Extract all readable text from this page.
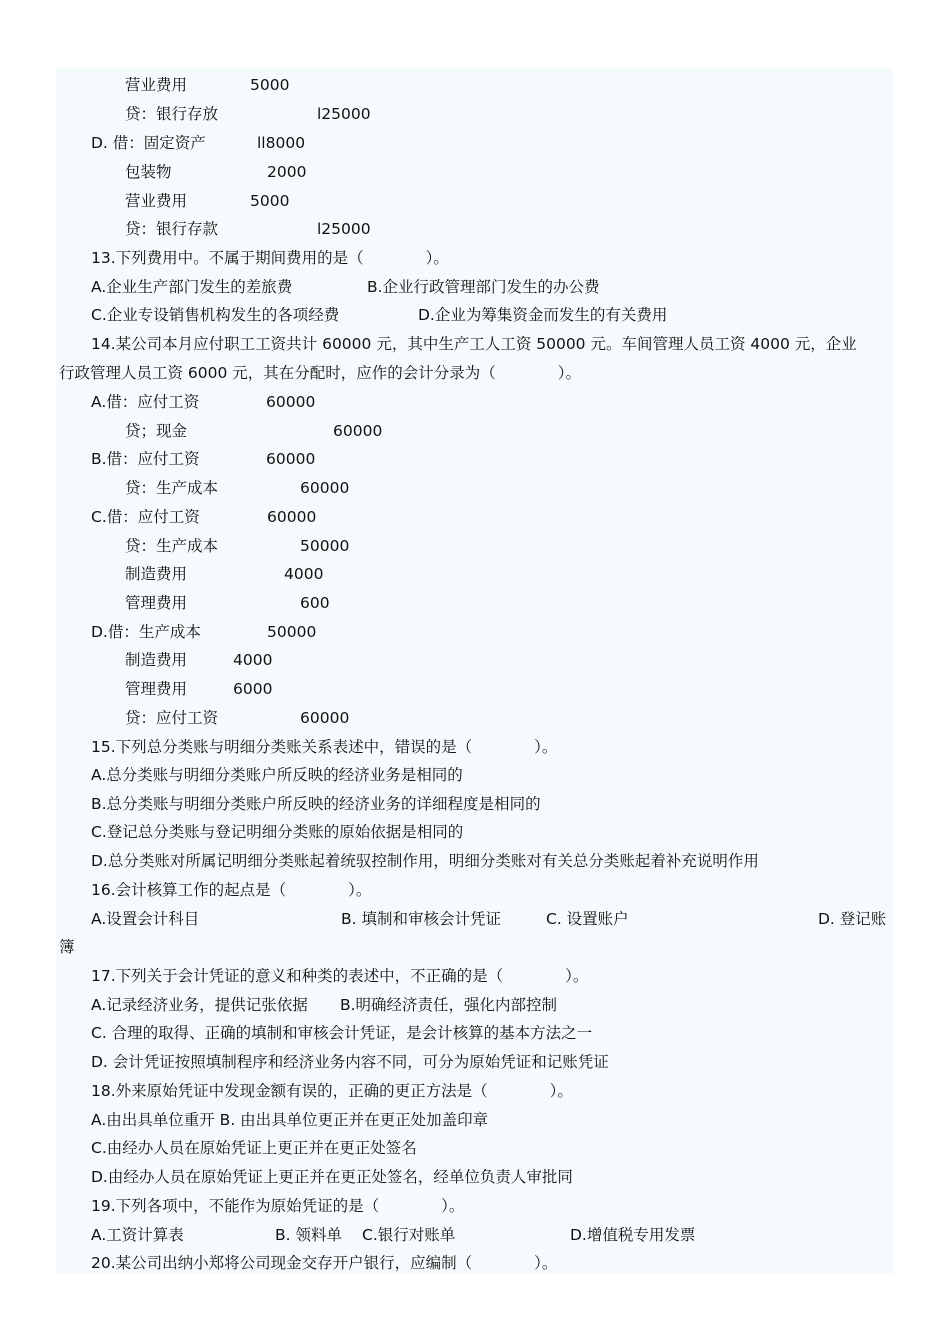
营业费用	5000
贷：银行存放	l25000
D. 借：固定资产	ll8000
包装物	2000
营业费用	5000
贷：银行存款	l25000
13.下列费用中。不属于期间费用的是（　　　　）。
A.企业生产部门发生的差旅费	B.企业行政管理部门发生的办公费
C.企业专设销售机构发生的各项经费	D.企业为筹集资金而发生的有关费用
14.某公司本月应付职工工资共计 60000 元，其中生产工人工资 50000 元。车间管理人员工资 4000 元，企业
行政管理人员工资 6000 元，其在分配时，应作的会计分录为（　　　　）。
A.借：应付工资	60000
贷；现金	60000
B.借：应付工资	60000
贷：生产成本	60000
C.借：应付工资	60000
贷：生产成本	50000
制造费用	4000
管理费用	600
D.借：生产成本	50000
制造费用	4000
管理费用	6000
贷：应付工资	60000
15.下列总分类账与明细分类账关系表述中，错误的是（　　　　）。
A.总分类账与明细分类账户所反映的经济业务是相同的
B.总分类账与明细分类账户所反映的经济业务的详细程度是相同的
C.登记总分类账与登记明细分类账的原始依据是相同的
D.总分类账对所属记明细分类账起着统驭控制作用，明细分类账对有关总分类账起着补充说明作用
16.会计核算工作的起点是（　　　　）。
A.设置会计科目	B. 填制和审核会计凭证	C. 设置账户	D. 登记账
簿
17.下列关于会计凭证的意义和种类的表述中，不正确的是（　　　　）。
A.记录经济业务，提供记张依据 B.明确经济责任，强化内部控制
C. 合理的取得、正确的填制和审核会计凭证，是会计核算的基本方法之一
D. 会计凭证按照填制程序和经济业务内容不同，可分为原始凭证和记账凭证
18.外来原始凭证中发现金额有误的，正确的更正方法是（　　　　）。
A.由出具单位重开 B. 由出具单位更正并在更正处加盖印章
C.由经办人员在原始凭证上更正并在更正处签名
D.由经办人员在原始凭证上更正并在更正处签名，经单位负责人审批同
19.下列各项中，不能作为原始凭证的是（　　　　）。
A.工资计算表	B. 领料单 C.银行对账单	D.增值税专用发票
20.某公司出纳小郑将公司现金交存开户银行，应编制（　　　　）。
